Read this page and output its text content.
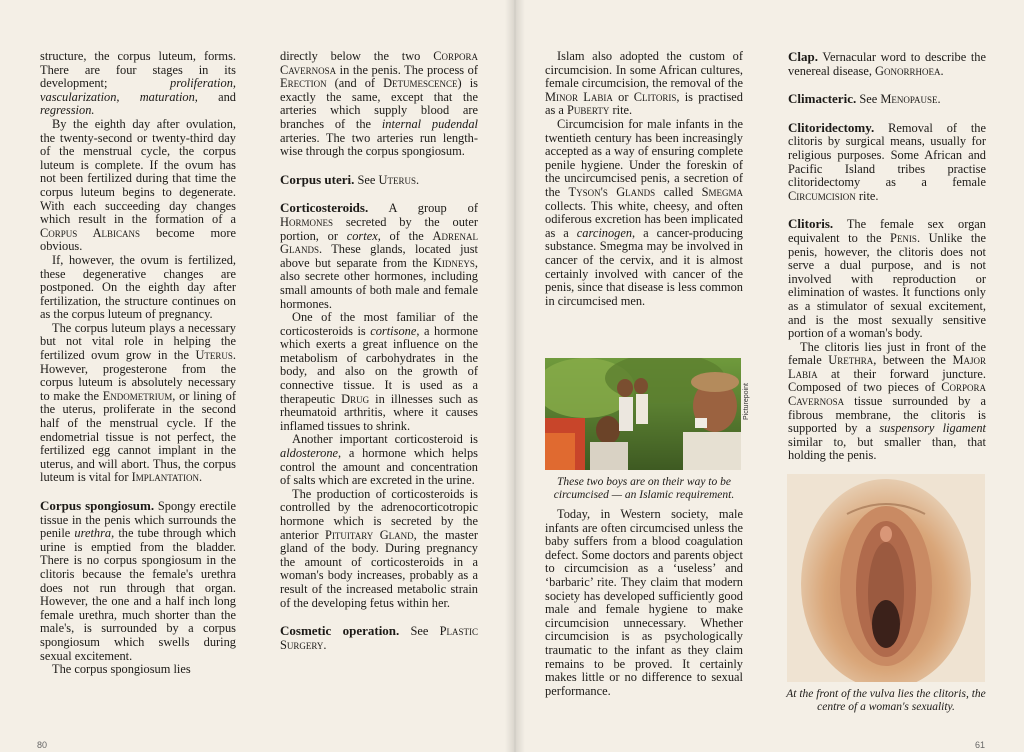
structure, the corpus luteum, forms. There are four stages in its development;	proliferation, vascularization, maturation, and regression.

By the eighth day after ovulation, the twenty-second or twenty-third day of the menstrual cycle, the corpus luteum is complete. If the ovum has not been fertilized during that time the corpus luteum begins to degenerate. With each succeeding day changes which result in the formation of a Corpus Albicans become more obvious.

If, however, the ovum is fertilized, these degenerative changes are postponed. On the eighth day after fertilization, the structure continues on as the corpus luteum of pregnancy.

The corpus luteum plays a necessary but not vital role in helping the fertilized ovum grow in the Uterus. However, progesterone from the corpus luteum is absolutely necessary to make the Endometrium, or lining of the uterus, proliferate in the second half of the menstrual cycle. If the endometrial tissue is not perfect, the fertilized egg cannot implant in the uterus, and will abort. Thus, the corpus luteum is vital for Implantation.

Corpus spongiosum. Spongy erectile tissue in the penis which surrounds the penile urethra, the tube through which urine is emptied from the bladder. There is no corpus spongiosum in the clitoris because the female's urethra does not run through that organ. However, the one and a half inch long female urethra, much shorter than the male's, is surrounded by a corpus spongiosum which swells during sexual excitement.

The corpus spongiosum lies

directly below the two Corpora Cavernosa in the penis. The process of Erection (and of Detumescence) is exactly the same, except that the arteries which supply blood are branches of the internal pudendal arteries. The two arteries run length-wise through the corpus spongiosum.

Corpus uteri. See Uterus.

Corticosteroids. A group of Hormones secreted by the outer portion, or cortex, of the Adrenal Glands. These glands, located just above but separate from the Kidneys, also secrete other hormones, including small amounts of both male and female hormones.

One of the most familiar of the corticosteroids is cortisone, a hormone which exerts a great influence on the metabolism of carbohydrates in the body, and also on the growth of connective tissue. It is used as a therapeutic Drug in illnesses such as rheumatoid arthritis, where it causes inflamed tissues to shrink.

Another important corticosteroid is aldosterone, a hormone which helps control the amount and concentration of salts which are excreted in the urine.

The production of corticosteroids is controlled by the adrenocorticotropic hormone which is secreted by the anterior Pituitary Gland, the master gland of the body. During pregnancy the amount of corticosteroids in a woman's body increases, probably as a result of the increased metabolic strain of the developing fetus within her.

Cosmetic operation. See Plastic Surgery.

Islam also adopted the custom of circumcision. In some African cultures, female circumcision, the removal of the Minor Labia or Clitoris, is practised as a Puberty rite.

Circumcision for male infants in the twentieth century has been increasingly accepted as a way of ensuring complete penile hygiene. Under the foreskin of the uncircumcised penis, a secretion of the Tyson's Glands called Smegma collects. This white, cheesy, and often odiferous excretion has been implicated as a carcinogen, a cancer-producing substance. Smegma may be involved in cancer of the cervix, and it is almost certainly involved with cancer of the penis, since that disease is less common in circumcised men.

Picturepoint
These two boys are on their way to be circumcised — an Islamic requirement.

Today, in Western society, male infants are often circumcised unless the baby suffers from a blood coagulation defect. Some doctors and parents object to circumcision as a ‘useless’ and ‘barbaric’ rite. They claim that modern society has developed sufficiently good male and female hygiene to make circumcision unnecessary. Whether circumcision is as psychologically traumatic to the infant as they claim remains to be proved. It certainly makes little or no difference to sexual performance.

Clap. Vernacular word to describe the venereal disease, Gonorrhoea.

Climacteric. See Menopause.

Clitoridectomy. Removal of the clitoris by surgical means, usually for religious purposes. Some African and Pacific Island tribes practise clitoridectomy as a female Circumcision rite.

Clitoris. The female sex organ equivalent to the Penis. Unlike the penis, however, the clitoris does not serve a dual purpose, and is not involved with reproduction or elimination of wastes. It functions only as a stimulator of sexual excitement, and is the most sexually sensitive portion of a woman's body.

The clitoris lies just in front of the female Urethra, between the Major Labia at their forward juncture. Composed of two pieces of Corpora Cavernosa tissue surrounded by a fibrous membrane, the clitoris is supported by a suspensory ligament similar to, but smaller than, that holding the penis.

At the front of the vulva lies the clitoris, the centre of a woman's sexuality.
80	61
